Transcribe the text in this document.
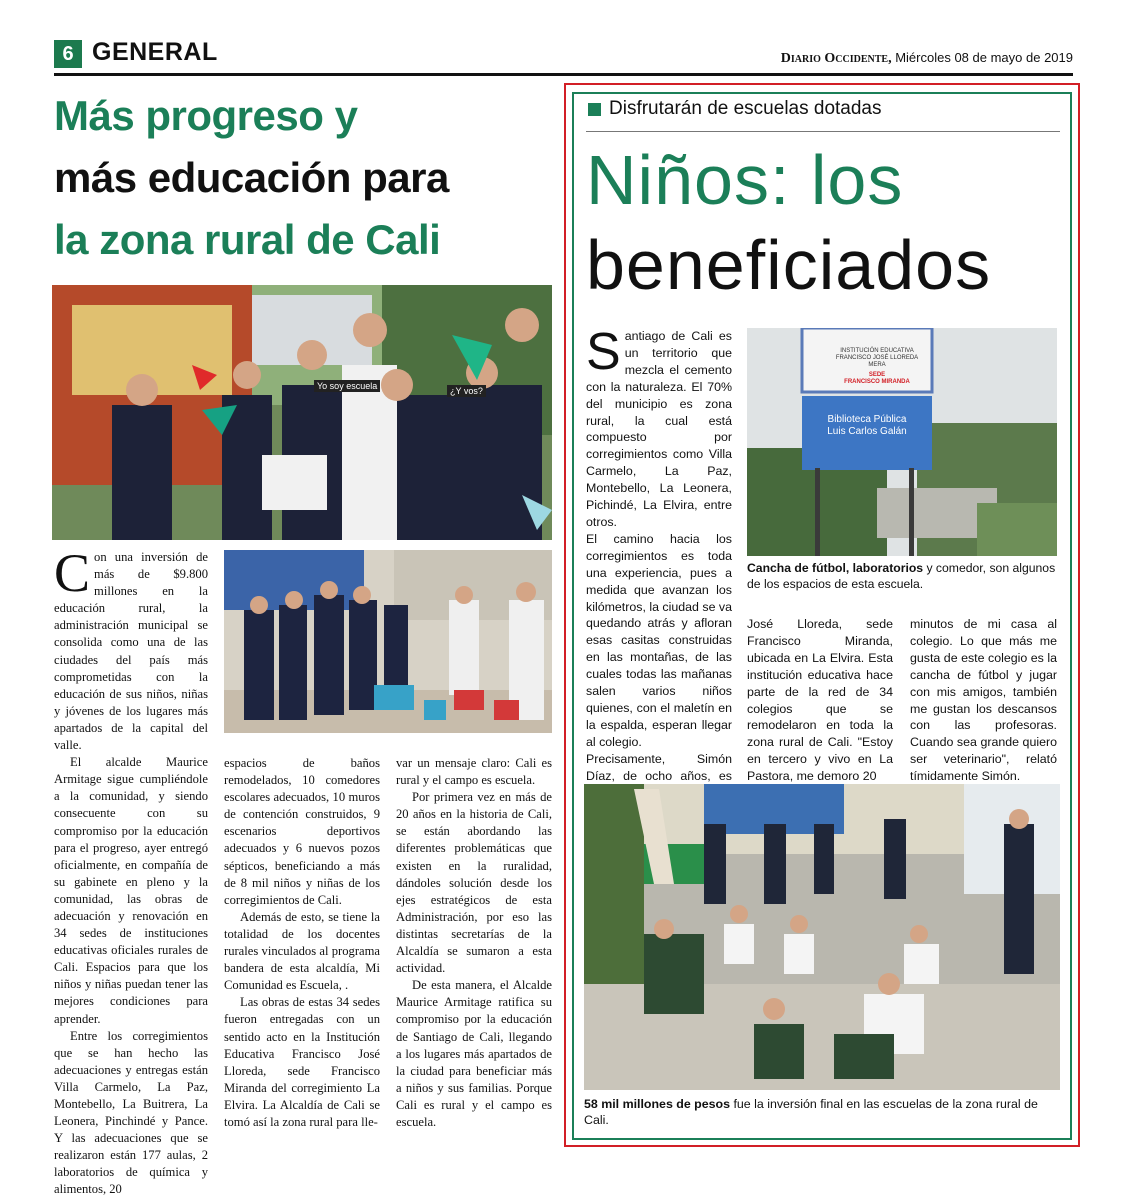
6 GENERAL	Diario Occidente, Miércoles 08 de mayo de 2019
Más progreso y
más educación para
la zona rural de Cali
Yo soy escuela	¿Y vos?
C on una inversión de más de $9.800 millones en la educación rural, la administración municipal se consolida como una de las ciudades del país más comprometidas con la educación de sus niños, niñas y jóvenes de los lugares más apartados de la capital del valle.

El alcalde Maurice Armitage sigue cumpliéndole a la comunidad, y siendo consecuente con su compromiso por la educación para el progreso, ayer entregó oficialmente, en compañía de su gabinete en pleno y la comunidad, las obras de adecuación y renovación en 34 sedes de instituciones educativas oficiales rurales de Cali. Espacios para que los niños y niñas puedan tener las mejores condiciones para aprender.

Entre los corregimientos que se han hecho las adecuaciones y entregas están Villa Carmelo, La Paz, Montebello, La Buitrera, La Leonera, Pinchindé y Pance. Y las adecuaciones que se realizaron están 177 aulas, 2 laboratorios de química y alimentos, 20

espacios de baños remodelados, 10 comedores escolares adecuados, 10 muros de contención construidos, 9 escenarios deportivos adecuados y 6 nuevos pozos sépticos, beneficiando a más de 8 mil niños y niñas de los corregimientos de Cali.

Además de esto, se tiene la totalidad de los docentes rurales vinculados al programa bandera de esta alcaldía, Mi Comunidad es Escuela, .

Las obras de estas 34 sedes fueron entregadas con un sentido acto en la Institución Educativa Francisco José Lloreda, sede Francisco Miranda del corregimiento La Elvira. La Alcaldía de Cali se tomó así la zona rural para lle-

var un mensaje claro: Cali es rural y el campo es escuela.

Por primera vez en más de 20 años en la historia de Cali, se están abordando las diferentes problemáticas que existen en la ruralidad, dándoles solución desde los ejes estratégicos de esta Administración, por eso las distintas secretarías de la Alcaldía se sumaron a esta actividad.

De esta manera, el Alcalde Maurice Armitage ratifica su compromiso por la educación de Santiago de Cali, llegando a los lugares más apartados de la ciudad para beneficiar más a niños y sus familias. Porque Cali es rural y el campo es escuela.

Disfrutarán de escuelas dotadas
Niños: los
beneficiados
S antiago de Cali es un territorio que mezcla el cemento con la naturaleza. El 70% del municipio es zona rural, la cual está compuesto por corregimientos como Villa Carmelo, La Paz, Montebello, La Leonera, Pichindé, La Elvira, entre otros.

El camino hacia los corregimientos es toda una experiencia, pues a medida que avanzan los kilómetros, la ciudad se va quedando atrás y afloran esas casitas construidas en las montañas, de las cuales todas las mañanas salen varios niños quienes, con el maletín en la espalda, esperan llegar al colegio.

Precisamente, Simón Díaz, de ocho años, es

INSTITUCIÓN EDUCATIVA
FRANCISCO JOSÉ LLOREDA MERA
SEDE
FRANCISCO MIRANDA
Biblioteca Pública
Luis Carlos Galán
Cancha de fútbol, laboratorios y comedor, son algunos de los espacios de esta escuela.

José Lloreda, sede Francisco Miranda, ubicada en La Elvira. Esta institución educativa hace parte de la red de 34 colegios que se remodelaron en toda la zona rural de Cali. "Estoy en tercero y vivo en La Pastora, me demoro 20

minutos de mi casa al colegio. Lo que más me gusta de este colegio es la cancha de fútbol y jugar con mis amigos, también me gustan los descansos con las profesoras. Cuando sea grande quiero ser veterinario", relató tímidamente Simón.

58 mil millones de pesos fue la inversión final en las escuelas de la zona rural de Cali.
